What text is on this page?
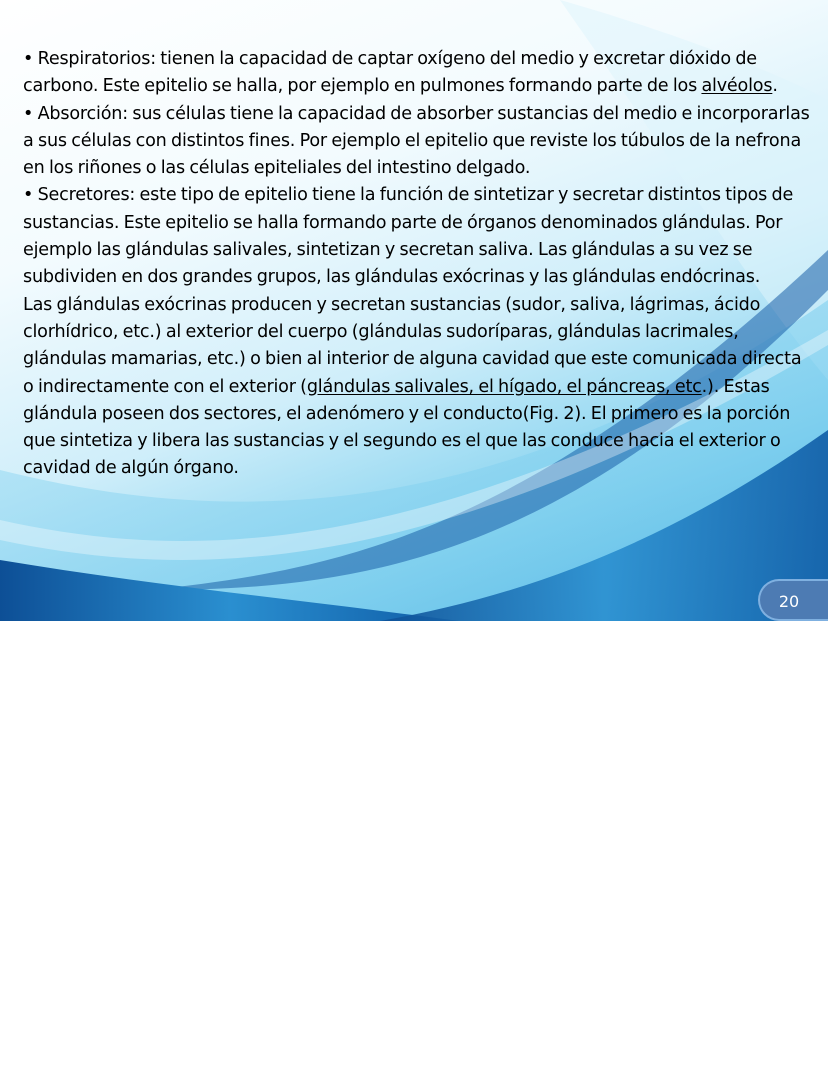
• Respiratorios: tienen la capacidad de captar oxígeno del medio y excretar dióxido de carbono. Este epitelio se halla, por ejemplo en pulmones formando parte de los alvéolos.

• Absorción: sus células tiene la capacidad de absorber sustancias del medio e incorporarlas a sus células con distintos fines. Por ejemplo el epitelio que reviste los túbulos de la nefrona en los riñones o las células epiteliales del intestino delgado.

• Secretores: este tipo de epitelio tiene la función de sintetizar y secretar distintos tipos de sustancias. Este epitelio se halla formando parte de órganos denominados glándulas. Por ejemplo las glándulas salivales, sintetizan y secretan saliva. Las glándulas a su vez se subdividen en dos grandes grupos, las glándulas exócrinas y las glándulas endócrinas.

Las glándulas exócrinas producen y secretan sustancias (sudor, saliva, lágrimas, ácido clorhídrico, etc.) al exterior del cuerpo (glándulas sudoríparas, glándulas lacrimales, glándulas mamarias, etc.) o bien al interior de alguna cavidad que este comunicada directa o indirectamente con el exterior (glándulas salivales, el hígado, el páncreas, etc.). Estas glándula poseen dos sectores, el adenómero y el conducto(Fig. 2). El primero es la porción que sintetiza y libera las sustancias y el segundo es el que las conduce hacia el exterior o cavidad de algún órgano.

20
